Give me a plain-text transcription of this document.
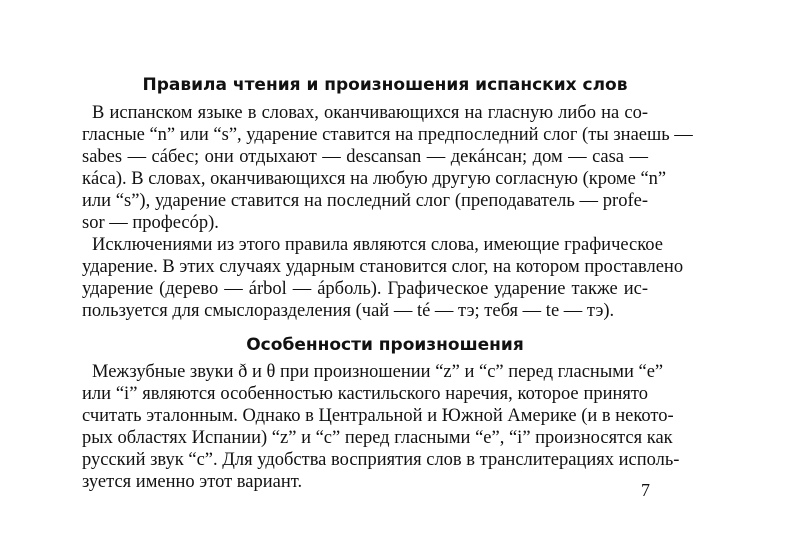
Правила чтения и произношения испанских слов
В испанском языке в словах, оканчивающихся на гласную либо на со-
гласные “n” или “s”, ударение ставится на предпоследний слог (ты знаешь —
sabes — сáбес; они отдыхают — descansan — декáнсан; дом — casa —
кáса). В словах, оканчивающихся на любую другую согласную (кроме “n”
или “s”), ударение ставится на последний слог (преподаватель — profe-
sor — професóр).
Исключениями из этого правила являются слова, имеющие графическое
ударение. В этих случаях ударным становится слог, на котором проставлено
ударение (дерево — árbol — áрболь). Графическое ударение также ис-
пользуется для смыслоразделения (чай — té — тэ; тебя — te — тэ).
Особенности произношения
Межзубные звуки ð и θ при произношении “z” и “c” перед гласными “e”
или “i” являются особенностью кастильского наречия, которое принято
считать эталонным. Однако в Центральной и Южной Америке (и в некото-
рых областях Испании) “z” и “c” перед гласными “e”, “i” произносятся как
русский звук “c”. Для удобства восприятия слов в транслитерациях исполь-
зуется именно этот вариант.	7
